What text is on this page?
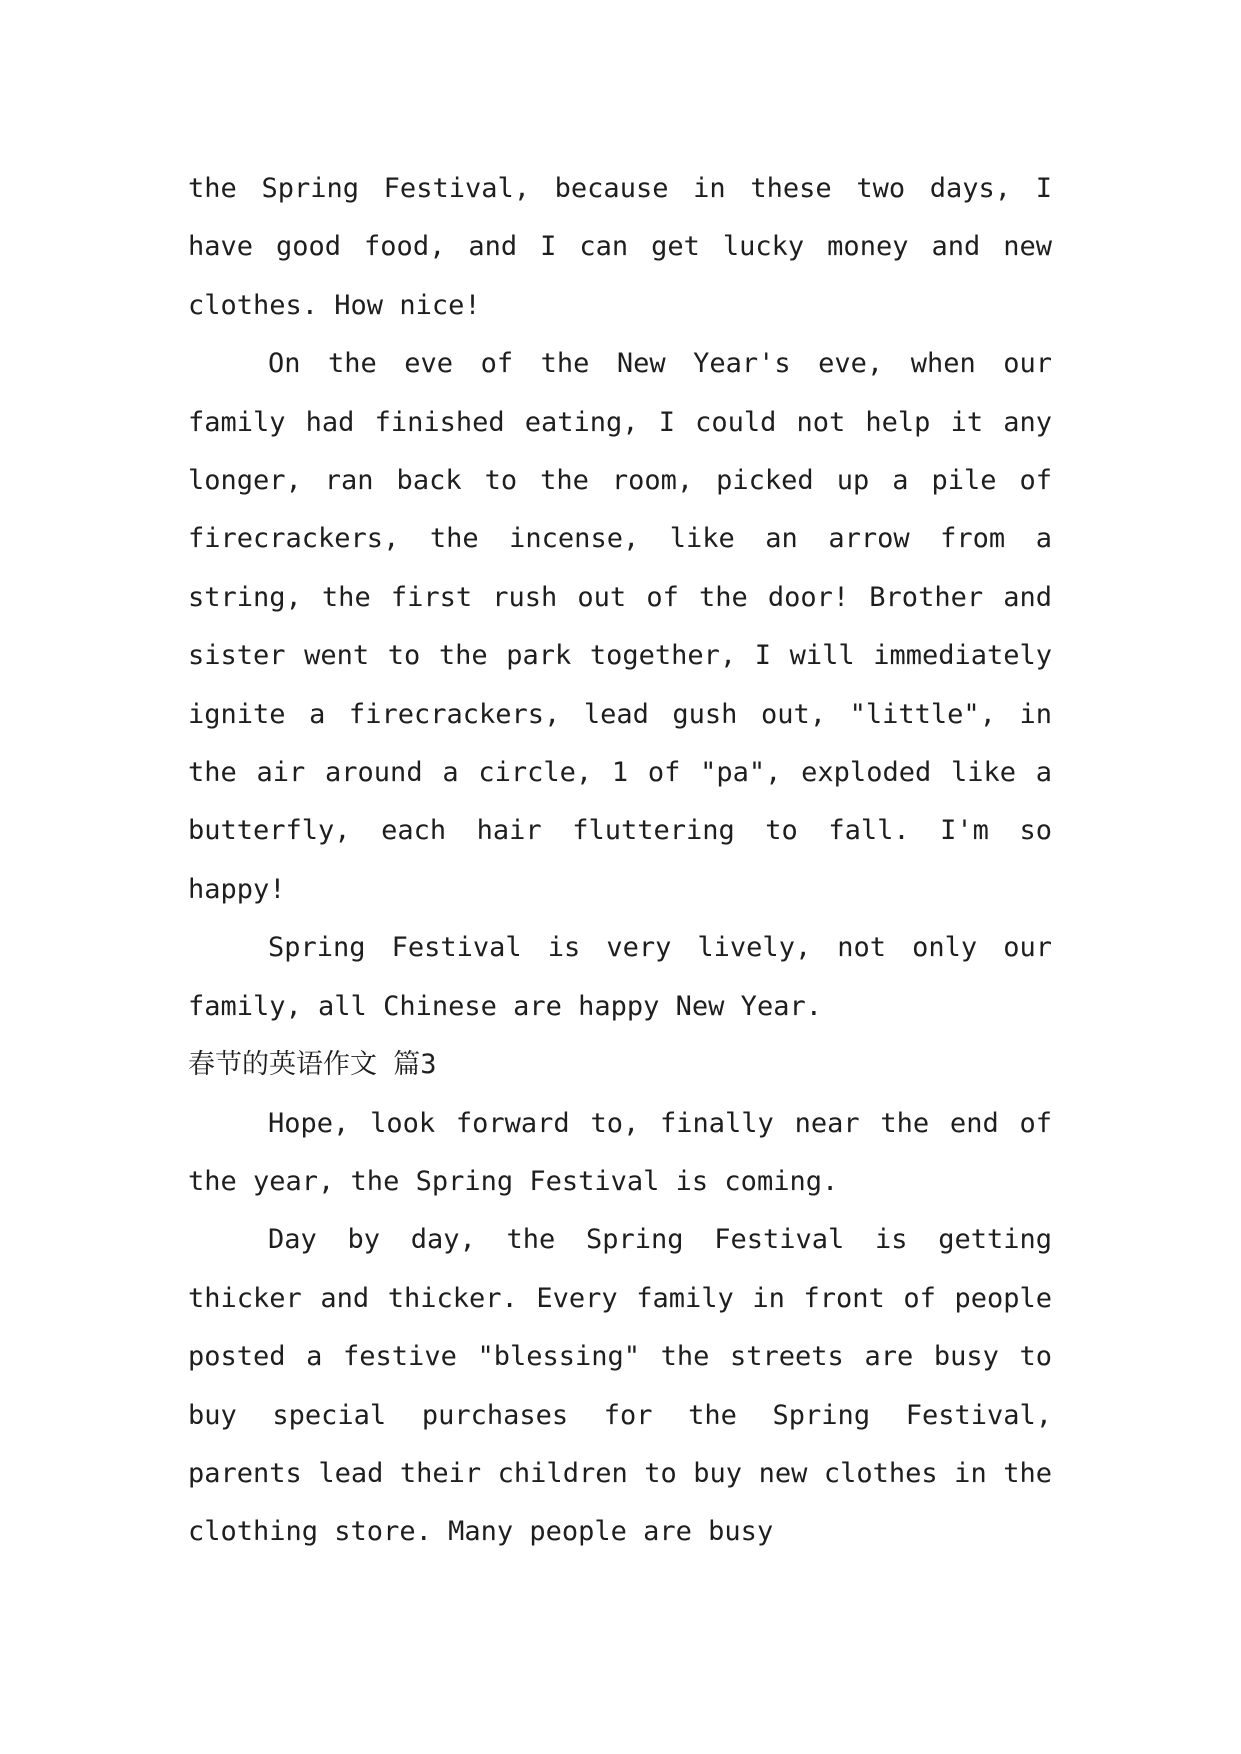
the Spring Festival, because in these two days, I have good food, and I can get lucky money and new clothes. How nice!

On the eve of the New Year's eve, when our family had finished eating, I could not help it any longer, ran back to the room, picked up a pile of firecrackers, the incense, like an arrow from a string, the first rush out of the door! Brother and sister went to the park together, I will immediately ignite a firecrackers, lead gush out, "little", in the air around a circle, 1 of "pa", exploded like a butterfly, each hair fluttering to fall. I'm so happy!

Spring Festival is very lively, not only our family, all Chinese are happy New Year.

春节的英语作文 篇3

Hope, look forward to, finally near the end of the year, the Spring Festival is coming.

Day by day, the Spring Festival is getting thicker and thicker. Every family in front of people posted a festive "blessing" the streets are busy to buy special purchases for the Spring Festival, parents lead their children to buy new clothes in the clothing store. Many people are busy
